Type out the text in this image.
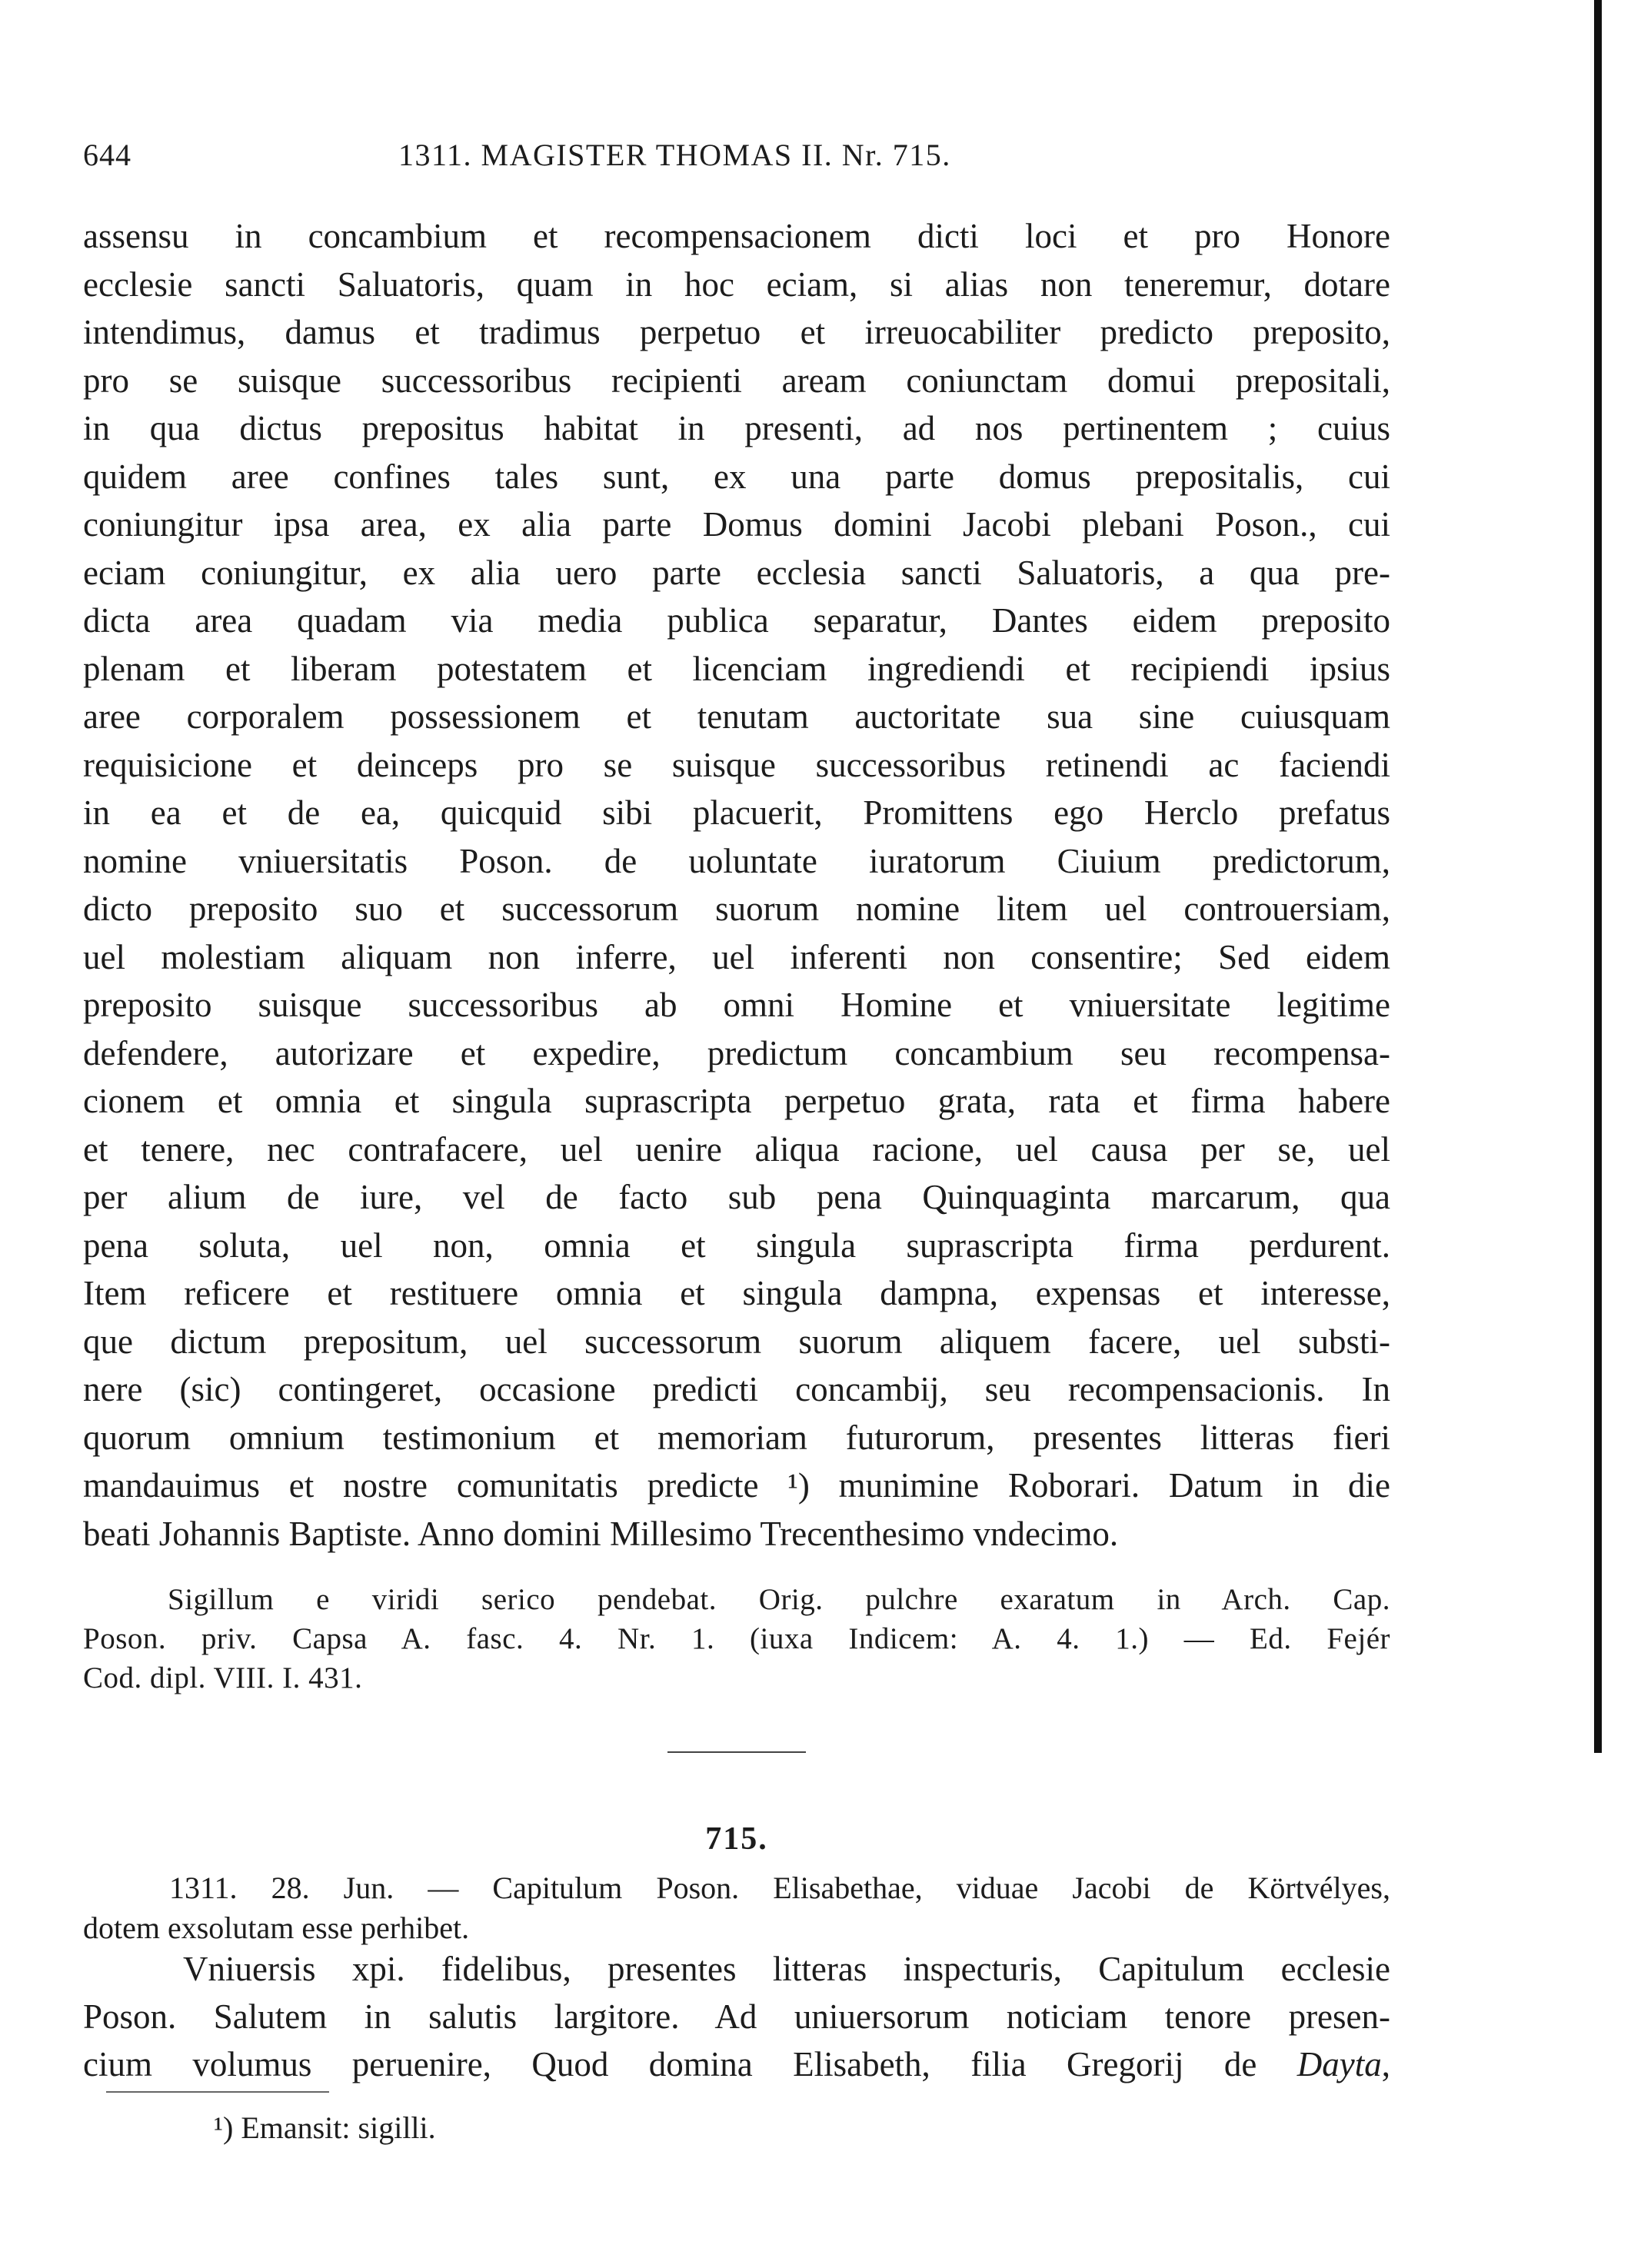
644	1311. MAGISTER THOMAS II. Nr. 715.
assensu in concambium et recompensacionem dicti loci et pro Honore
ecclesie sancti Saluatoris, quam in hoc eciam, si alias non teneremur, dotare
intendimus, damus et tradimus perpetuo et irreuocabiliter predicto preposito,
pro se suisque successoribus recipienti aream coniunctam domui prepositali,
in qua dictus prepositus habitat in presenti, ad nos pertinentem ; cuius
quidem aree confines tales sunt, ex una parte domus prepositalis, cui
coniungitur ipsa area, ex alia parte Domus domini Jacobi plebani Poson., cui
eciam coniungitur, ex alia uero parte ecclesia sancti Saluatoris, a qua pre-
dicta area quadam via media publica separatur, Dantes eidem preposito
plenam et liberam potestatem et licenciam ingrediendi et recipiendi ipsius
aree corporalem possessionem et tenutam auctoritate sua sine cuiusquam
requisicione et deinceps pro se suisque successoribus retinendi ac faciendi
in ea et de ea, quicquid sibi placuerit, Promittens ego Herclo prefatus
nomine vniuersitatis Poson. de uoluntate iuratorum Ciuium predictorum,
dicto preposito suo et successorum suorum nomine litem uel controuersiam,
uel molestiam aliquam non inferre, uel inferenti non consentire; Sed eidem
preposito suisque successoribus ab omni Homine et vniuersitate legitime
defendere, autorizare et expedire, predictum concambium seu recompensa-
cionem et omnia et singula suprascripta perpetuo grata, rata et firma habere
et tenere, nec contrafacere, uel uenire aliqua racione, uel causa per se, uel
per alium de iure, vel de facto sub pena Quinquaginta marcarum, qua
pena soluta, uel non, omnia et singula suprascripta firma perdurent.
Item reficere et restituere omnia et singula dampna, expensas et interesse,
que dictum prepositum, uel successorum suorum aliquem facere, uel substi-
nere (sic) contingeret, occasione predicti concambij, seu recompensacionis. In
quorum omnium testimonium et memoriam futurorum, presentes litteras fieri
mandauimus et nostre comunitatis predicte ¹) munimine Roborari. Datum in die
beati Johannis Baptiste. Anno domini Millesimo Trecenthesimo vndecimo.
Sigillum e viridi serico pendebat. Orig. pulchre exaratum in Arch. Cap.
Poson. priv. Capsa A. fasc. 4. Nr. 1. (iuxa Indicem: A. 4. 1.) — Ed. Fejér
Cod. dipl. VIII. I. 431.
715.
1311. 28. Jun. — Capitulum Poson. Elisabethae, viduae Jacobi de Körtvélyes,
dotem exsolutam esse perhibet.
Vniuersis xpi. fidelibus, presentes litteras inspecturis, Capitulum ecclesie
Poson. Salutem in salutis largitore. Ad uniuersorum noticiam tenore presen-
cium volumus peruenire, Quod domina Elisabeth, filia Gregorij de Dayta,
¹) Emansit: sigilli.
